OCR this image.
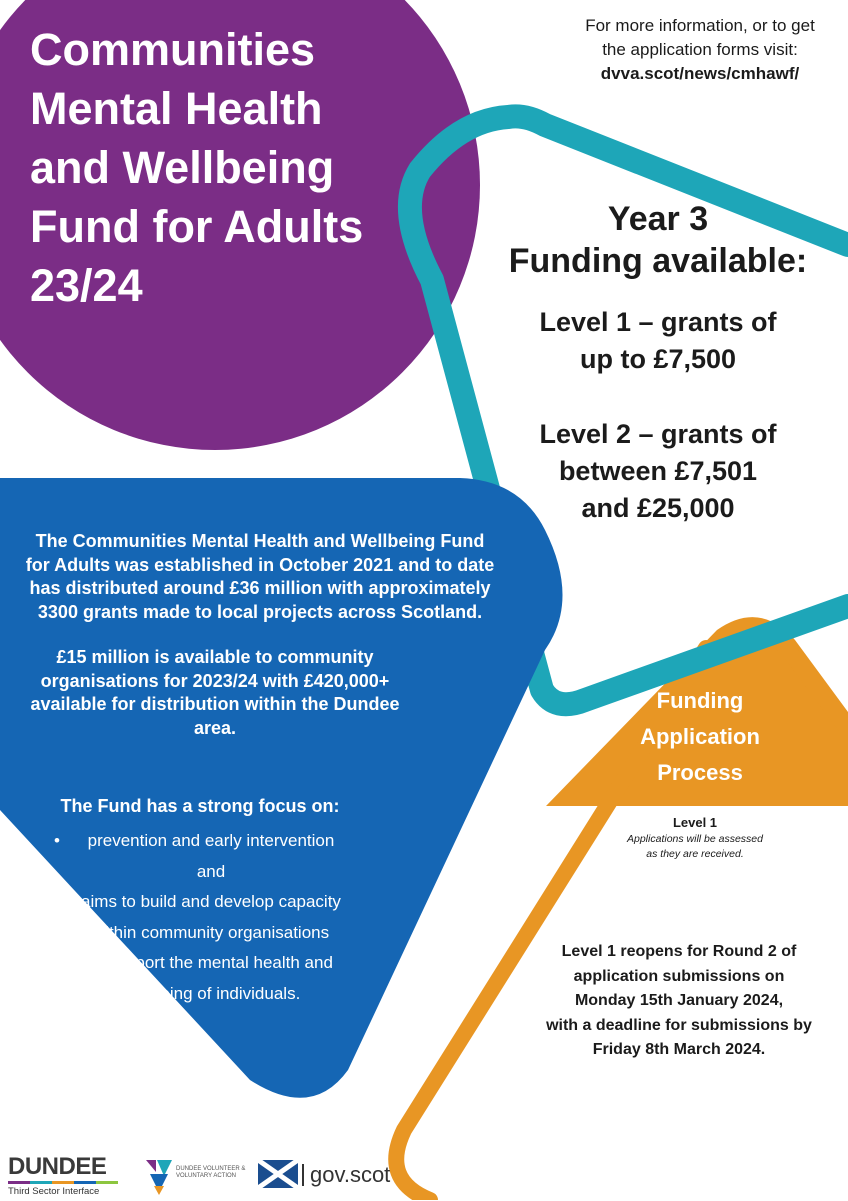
Communities
Mental Health
and Wellbeing
Fund for Adults
23/24
For more information, or to get
the application forms visit:
dvva.scot/news/cmhawf/
Year 3
Funding available:
Level 1 – grants of
up to £7,500
Level 2 – grants of
between £7,501
and £25,000

The Communities Mental Health and Wellbeing Fund
for Adults was established in October 2021 and to date
has distributed around £36 million with approximately
3300 grants made to local projects across Scotland.

£15 million is available to community
organisations for 2023/24 with £420,000+
available for distribution within the Dundee
area.

The Fund has a strong focus on:
• prevention and early intervention and
• aims to build and develop capacity within community organisations
• to support the mental health and wellbeing of individuals.
Funding
Application
Process
Level 1
Applications will be assessed
as they are received.
Level 1 reopens for Round 2 of
application submissions on
Monday 15th January 2024,
with a deadline for submissions by
Friday 8th March 2024.
DUNDEE
Third Sector Interface
DUNDEE VOLUNTEER & VOLUNTARY ACTION	gov.scot
